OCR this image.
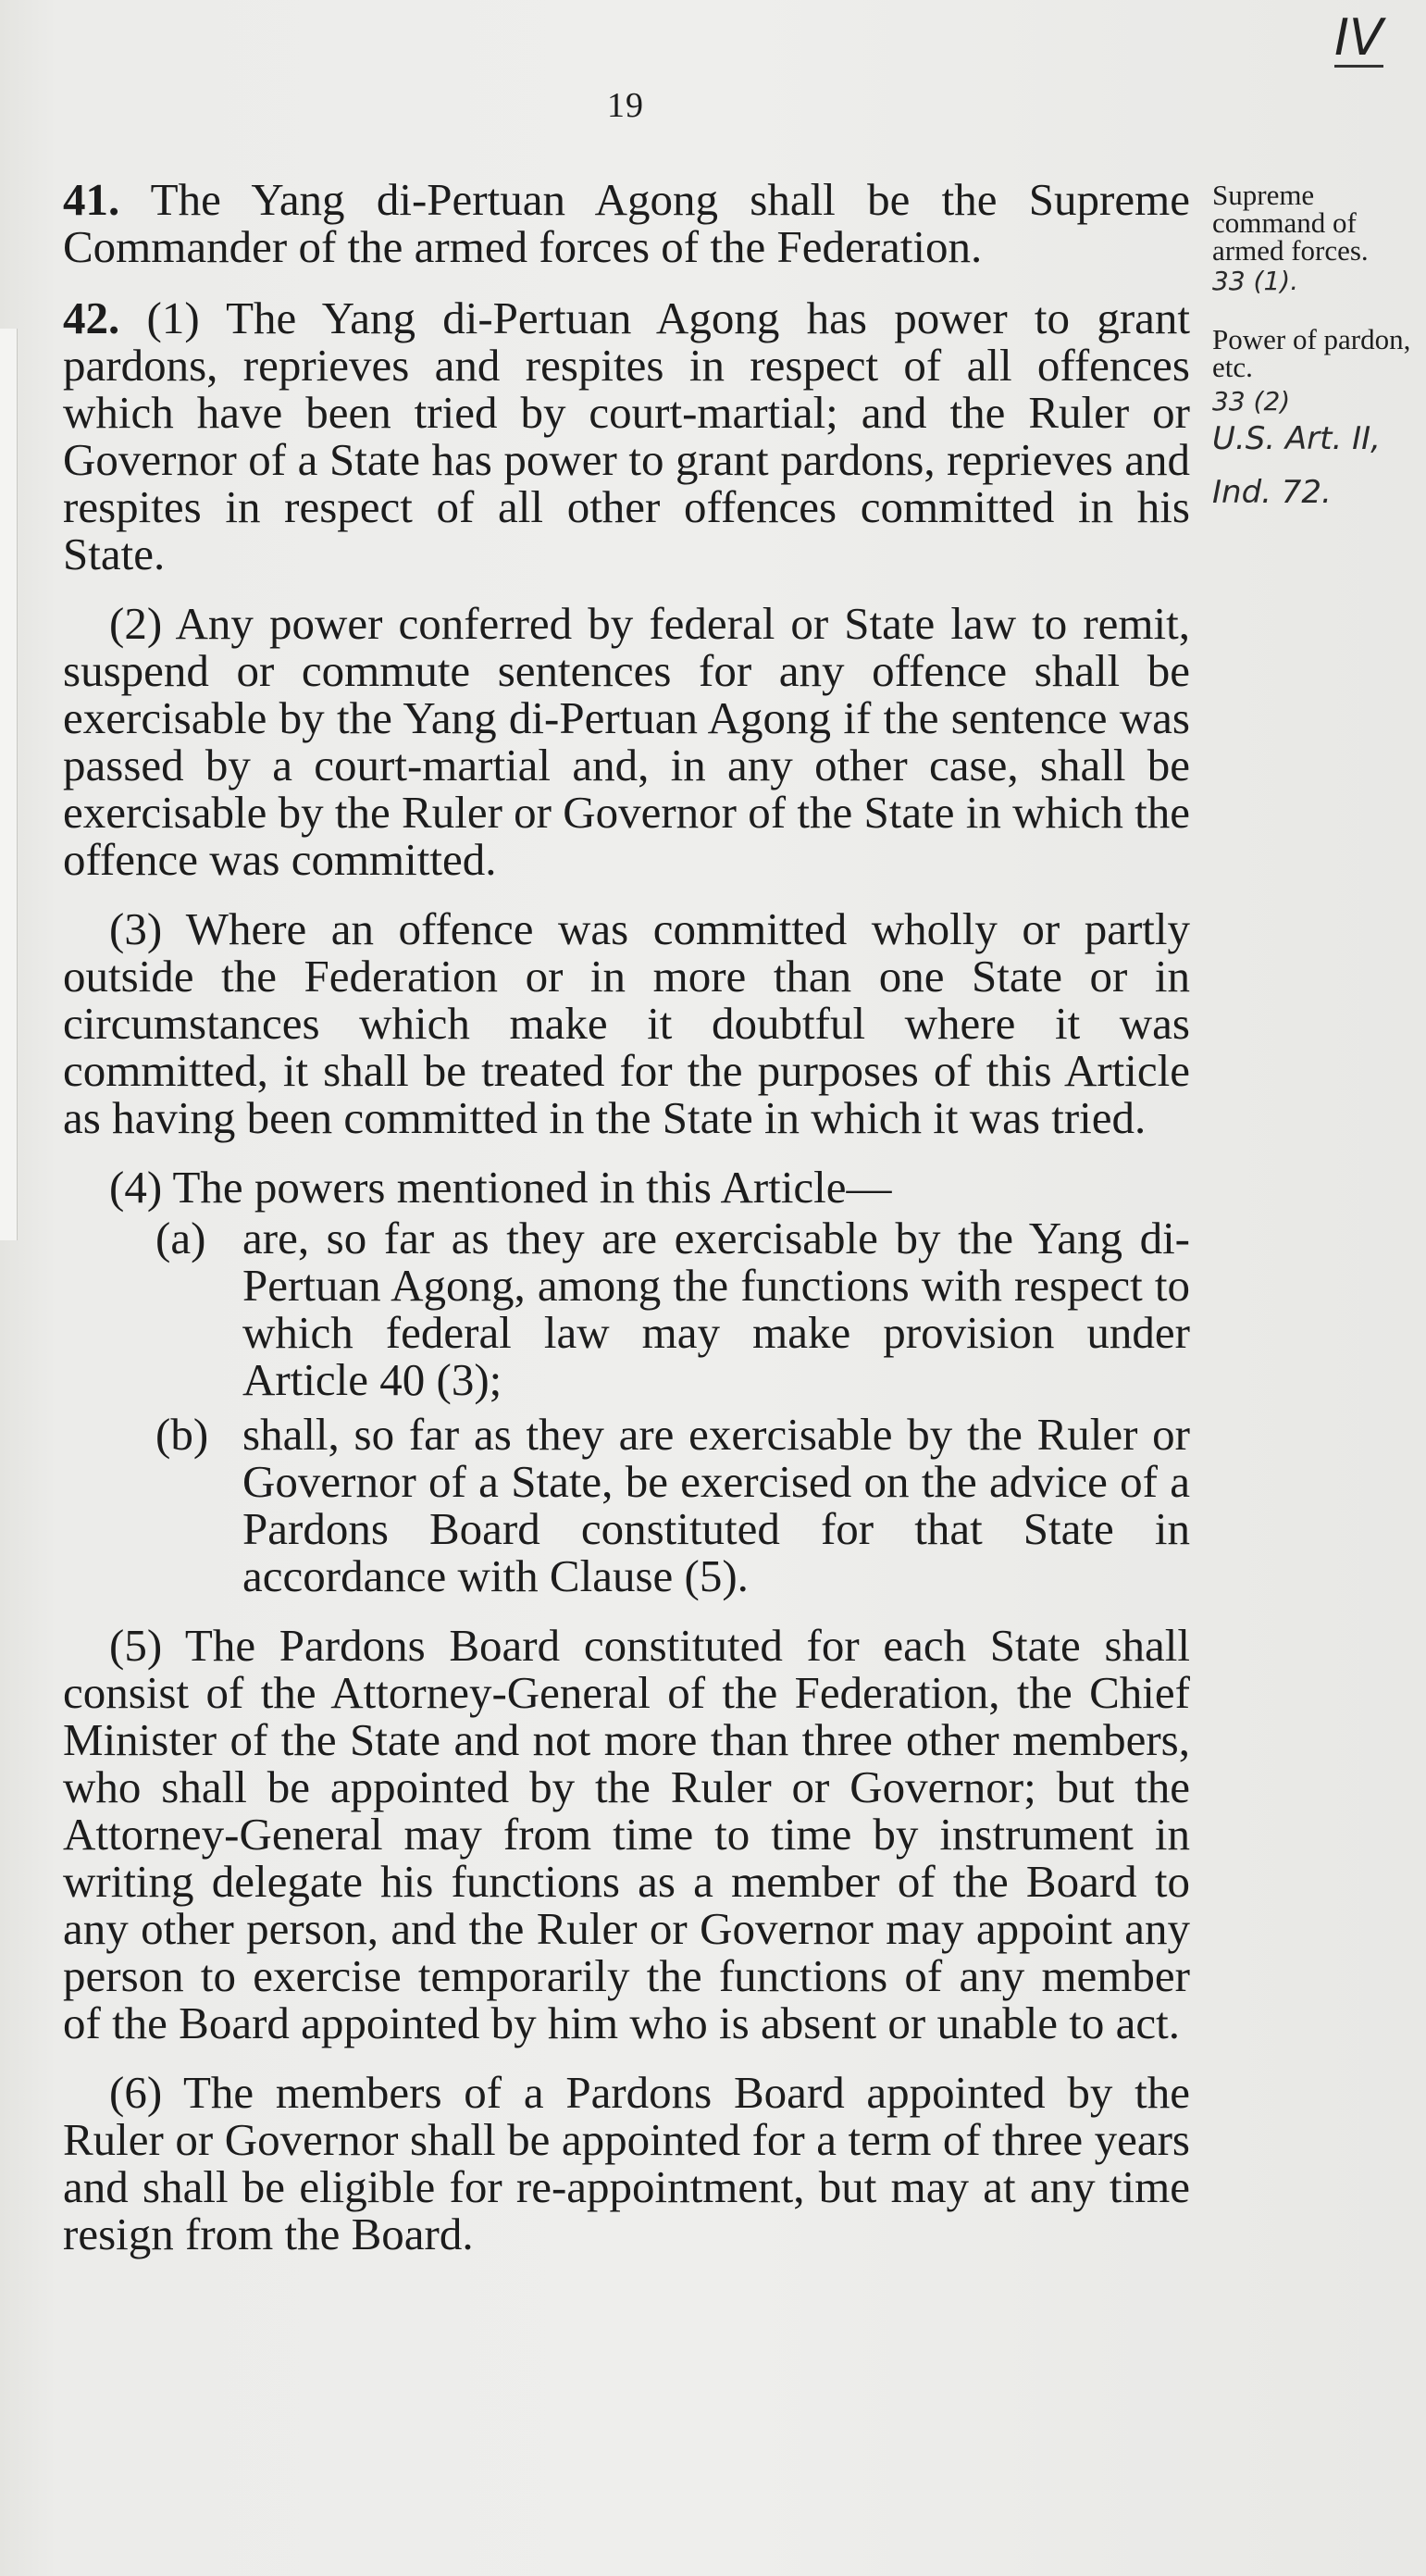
IV
19

41. The Yang di-Pertuan Agong shall be the Supreme Commander of the armed forces of the Federation.

42. (1) The Yang di-Pertuan Agong has power to grant pardons, reprieves and respites in respect of all offences which have been tried by court-martial; and the Ruler or Governor of a State has power to grant pardons, reprieves and respites in respect of all other offences committed in his State.

(2) Any power conferred by federal or State law to remit, suspend or commute sentences for any offence shall be exercisable by the Yang di-Pertuan Agong if the sentence was passed by a court-martial and, in any other case, shall be exercisable by the Ruler or Governor of the State in which the offence was committed.

(3) Where an offence was committed wholly or partly outside the Federation or in more than one State or in circumstances which make it doubtful where it was committed, it shall be treated for the purposes of this Article as having been committed in the State in which it was tried.

(4) The powers mentioned in this Article—

(a) are, so far as they are exercisable by the Yang di-Pertuan Agong, among the functions with respect to which federal law may make provision under Article 40 (3);
(b) shall, so far as they are exercisable by the Ruler or Governor of a State, be exercised on the advice of a Pardons Board constituted for that State in accordance with Clause (5).

(5) The Pardons Board constituted for each State shall consist of the Attorney-General of the Federation, the Chief Minister of the State and not more than three other members, who shall be appointed by the Ruler or Governor; but the Attorney-General may from time to time by instrument in writing delegate his functions as a member of the Board to any other person, and the Ruler or Governor may appoint any person to exercise temporarily the functions of any member of the Board appointed by him who is absent or unable to act.

(6) The members of a Pardons Board appointed by the Ruler or Governor shall be appointed for a term of three years and shall be eligible for re-appointment, but may at any time resign from the Board.

Supreme command of armed forces.
33 (1).
Power of pardon, etc.
33 (2)
U.S. Art. II,
Ind. 72.
